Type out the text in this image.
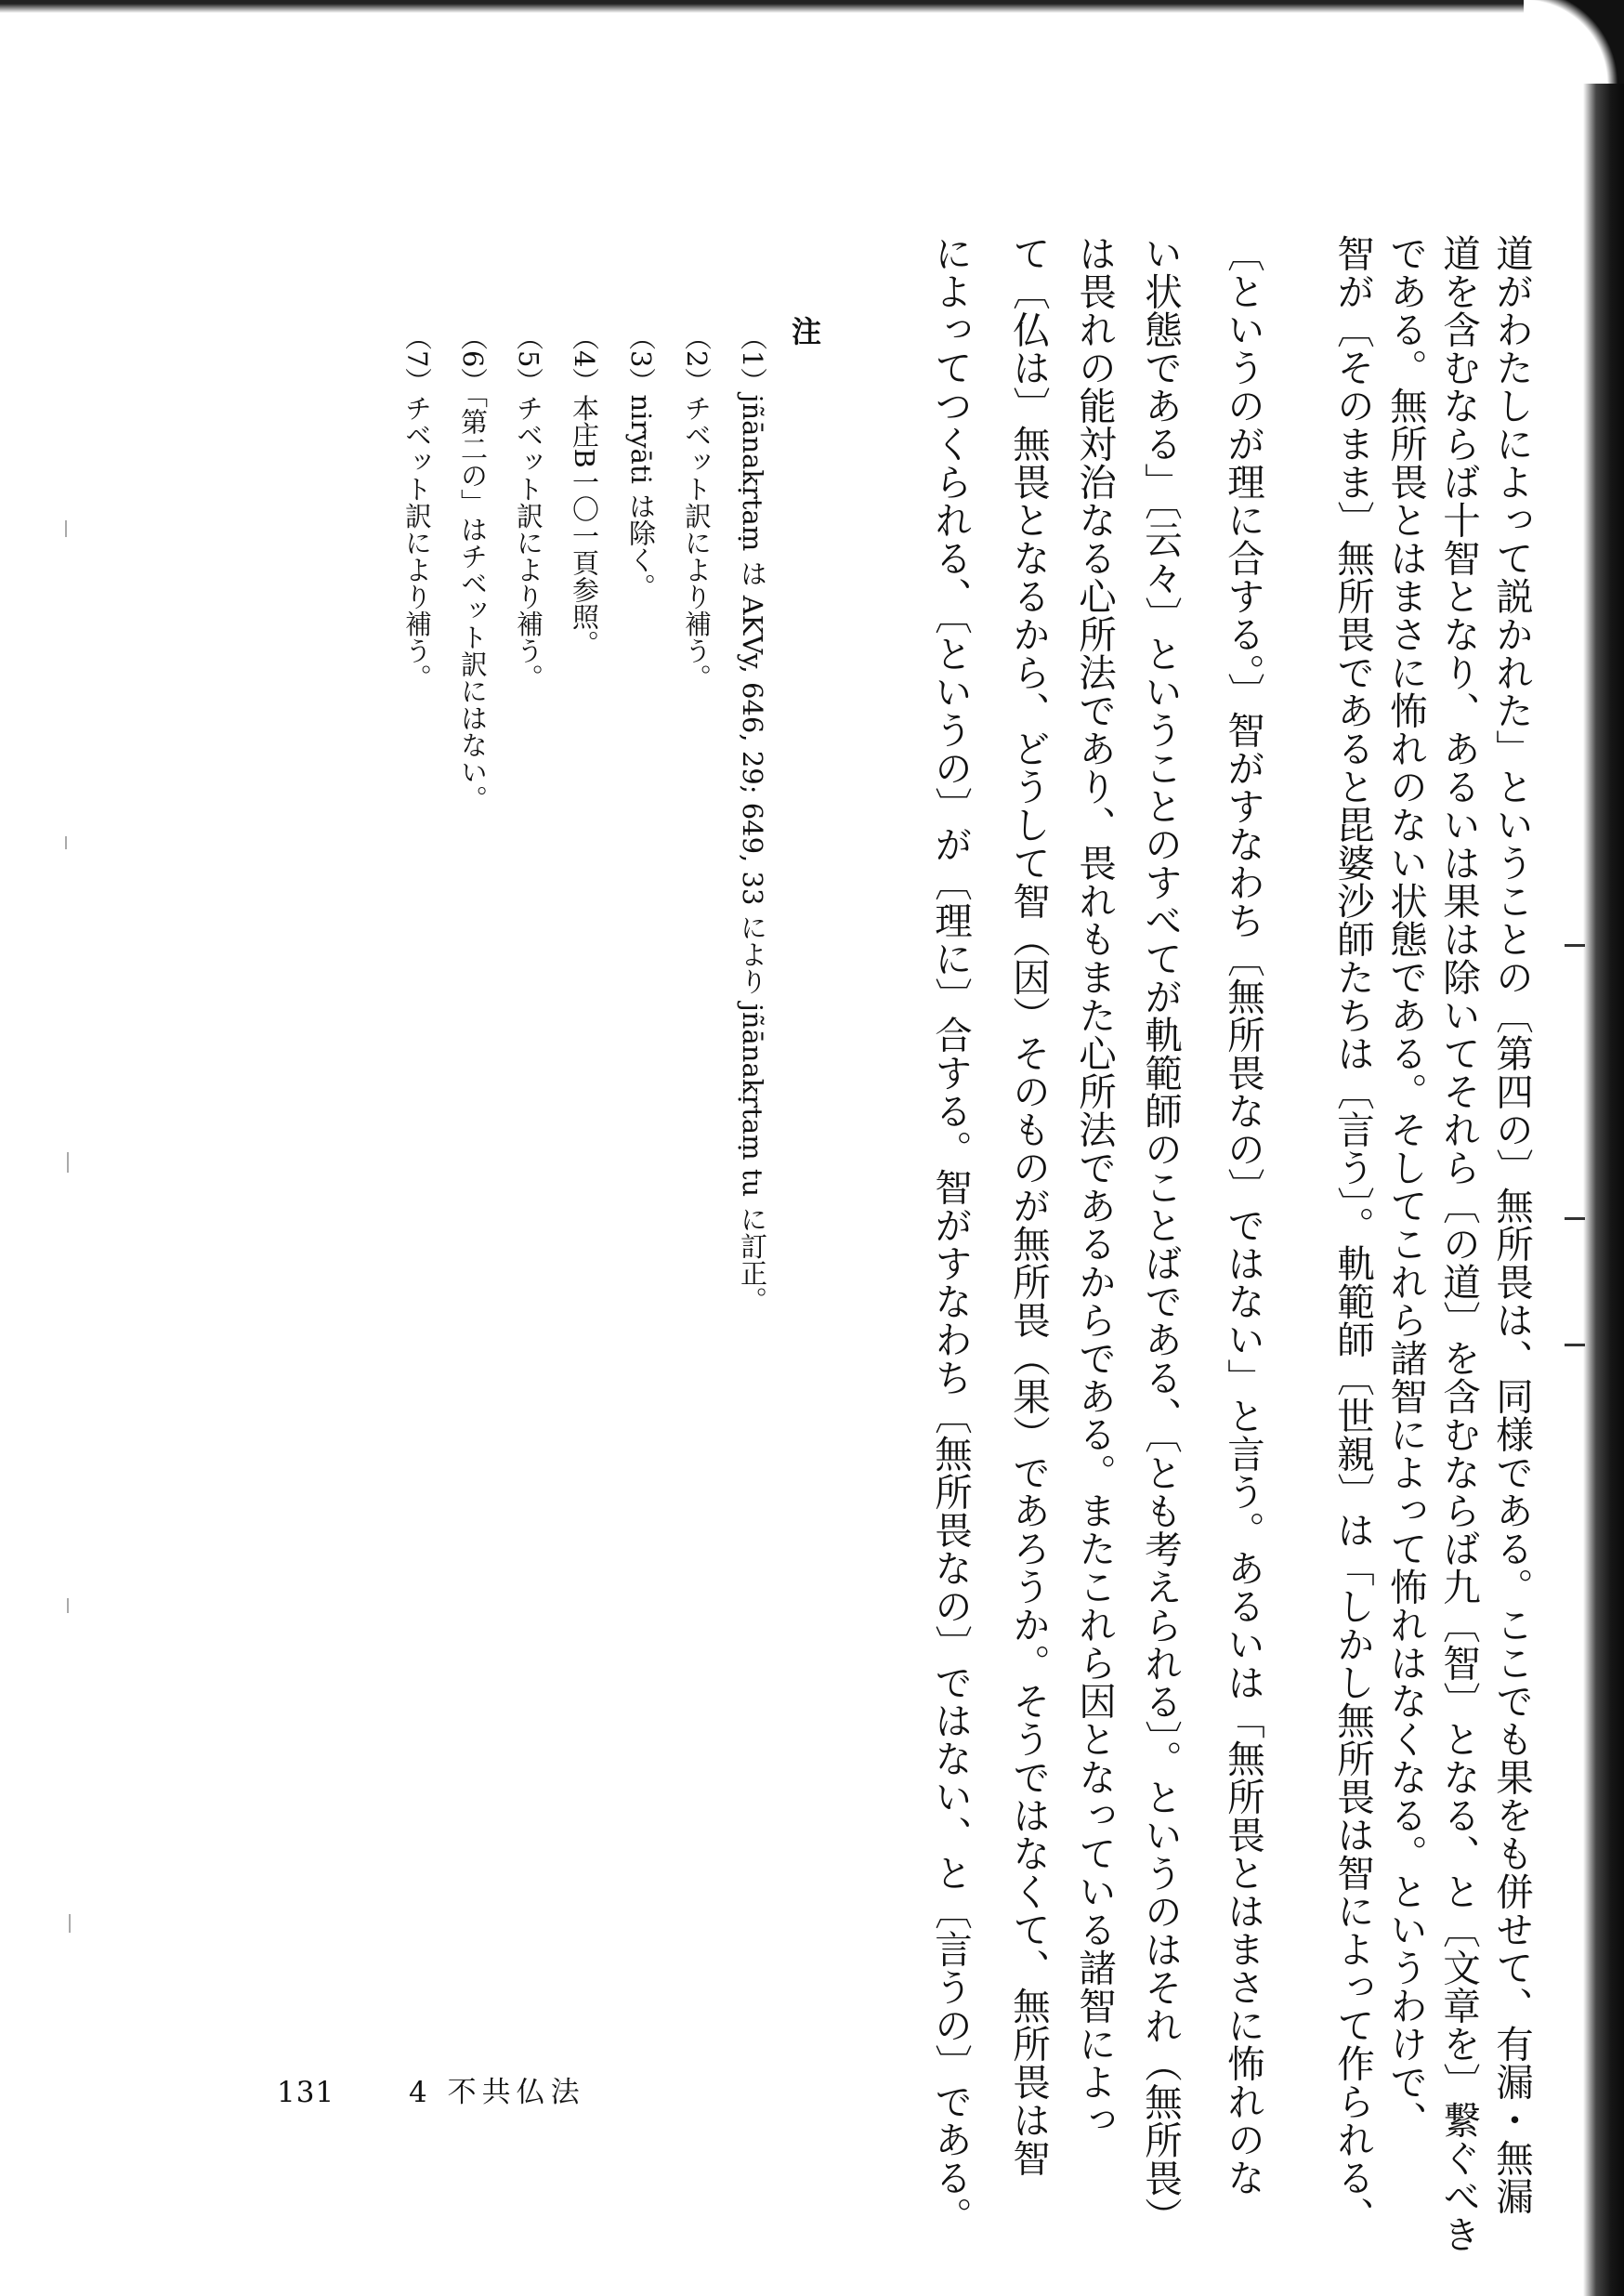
道がわたしによって説かれた」ということの〔第四の〕無所畏は、同様である。ここでも果をも併せて、有漏・無漏
道を含むならば十智となり、あるいは果は除いてそれら〔の道〕を含むならば九〔智〕となる、と〔文章を〕繋ぐべき
である。無所畏とはまさに怖れのない状態である。そしてこれら諸智によって怖れはなくなる。というわけで、
智が〔そのまま〕無所畏であると毘婆沙師たちは〔言う〕。軌範師〔世親〕は「しかし無所畏は智によって作られる、
〔というのが理に合する。〕智がすなわち〔無所畏なの〕ではない」と言う。あるいは「無所畏とはまさに怖れのな
い状態である」〔云々〕ということのすべてが軌範師のことばである、〔とも考えられる〕。というのはそれ（無所畏）
は畏れの能対治なる心所法であり、畏れもまた心所法であるからである。またこれら因となっている諸智によっ
て〔仏は〕無畏となるから、どうして智（因）そのものが無所畏（果）であろうか。そうではなくて、無所畏は智
によってつくられる、〔というの〕が〔理に〕合する。智がすなわち〔無所畏なの〕ではない、と〔言うの〕である。
注
（1）jñānakṛtaṃ は AKVy, 646, 29; 649, 33 により jñānakṛtaṃ tu に訂正。
（2）チベット訳により補う。
（3）niryāti は除く。
（4）本庄B一〇一頁参照。
（5）チベット訳により補う。
（6）「第二の」はチベット訳にはない。
（7）チベット訳により補う。
131	4 不共仏法
